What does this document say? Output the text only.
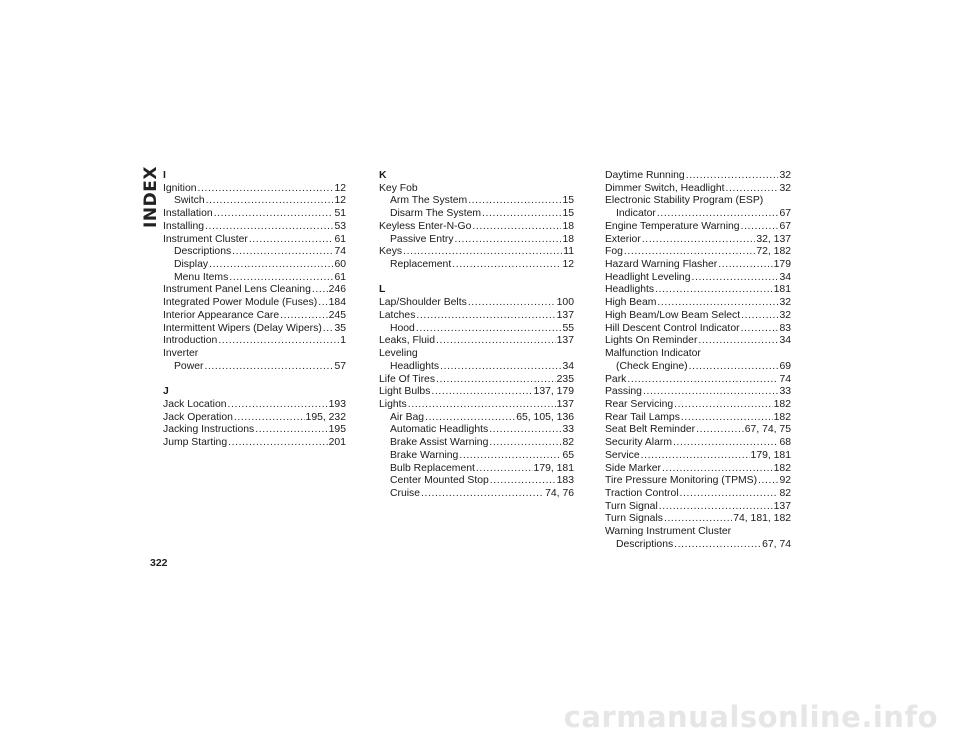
INDEX I
Ignition .....	12
Switch .....	12
Installation .....	51
Installing .....	53
Instrument Cluster .....	61
Descriptions .....	74
Display .....	60
Menu Items .....	61
Instrument Panel Lens Cleaning ..... 246
Integrated Power Module (Fuses) ..... 184
Interior Appearance Care .....	245
Intermittent Wipers (Delay Wipers) ..... 35
Introduction .....	1
Inverter
Power .....	57
J
Jack Location .....	193
Jack Operation .....	195, 232
Jacking Instructions .....	195
Jump Starting .....	201
K
Key Fob
Arm The System .....	15
Disarm The System .....	15
Keyless Enter-N-Go .....	18
Passive Entry .....	18
Keys .....	11
Replacement .....	12
L
Lap/Shoulder Belts .....	100
Latches .....	137
Hood .....	55
Leaks, Fluid .....	137
Leveling
Headlights .....	34
Life Of Tires .....	235
Light Bulbs .....	137, 179
Lights .....	137
Air Bag .....	65, 105, 136
Automatic Headlights .....	33
Brake Assist Warning .....	82
Brake Warning .....	65
Bulb Replacement .....	179, 181
Center Mounted Stop .....	183
Cruise .....	74, 76
Daytime Running .....	32
Dimmer Switch, Headlight .....	32
Electronic Stability Program (ESP)
Indicator .....	67
Engine Temperature Warning .....	67
Exterior .....	32, 137
Fog .....	72, 182
Hazard Warning Flasher .....	179
Headlight Leveling .....	34
Headlights .....	181
High Beam .....	32
High Beam/Low Beam Select .....	32
Hill Descent Control Indicator .....	83
Lights On Reminder .....	34
Malfunction Indicator
(Check Engine) .....	69
Park .....	74
Passing .....	33
Rear Servicing .....	182
Rear Tail Lamps .....	182
Seat Belt Reminder .....	67, 74, 75
Security Alarm .....	68
Service .....	179, 181
Side Marker .....	182
Tire Pressure Monitoring (TPMS) ..... 92
Traction Control .....	82
Turn Signal .....	137
Turn Signals .....	74, 181, 182
Warning Instrument Cluster
Descriptions .....	67, 74
322
carmanualsonline.info
